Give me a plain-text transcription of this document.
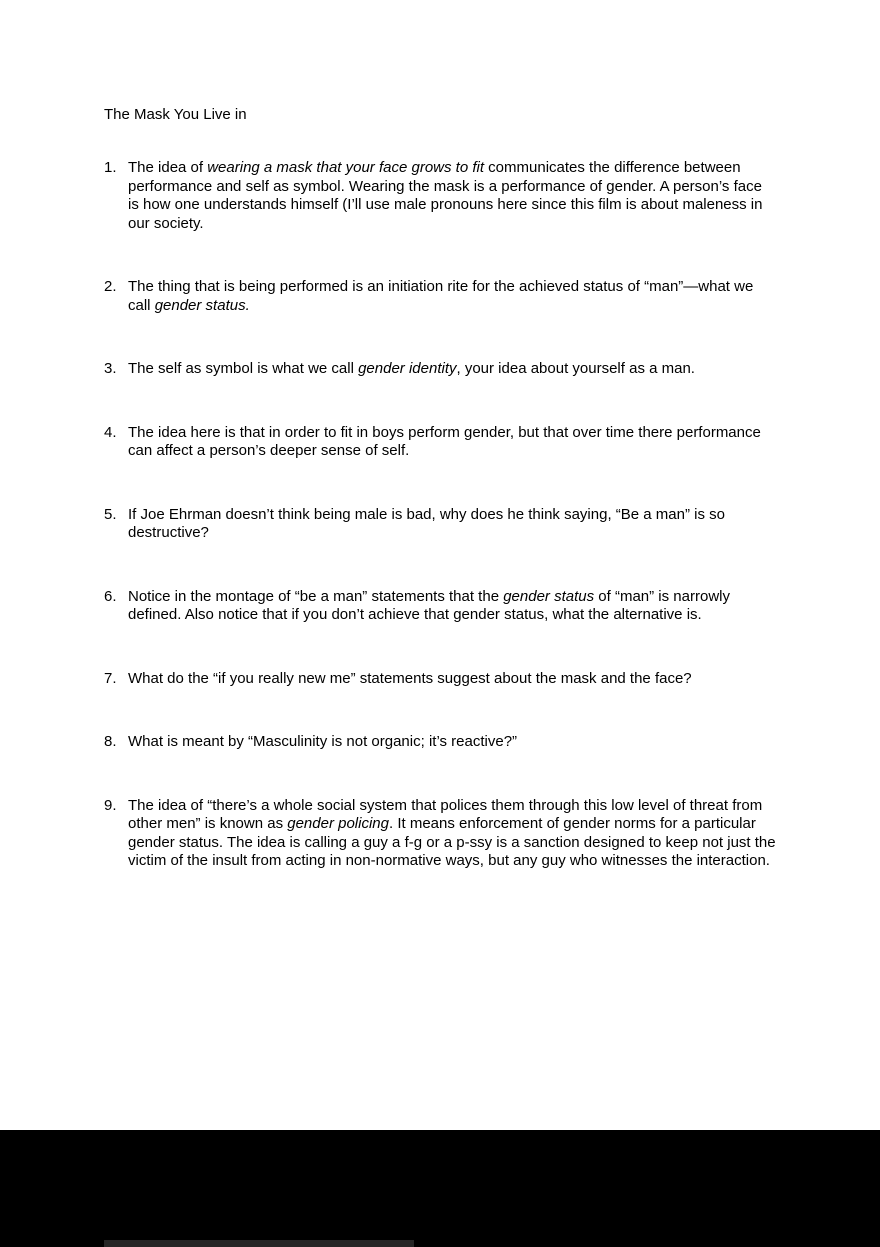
The Mask You Live in
1. The idea of wearing a mask that your face grows to fit communicates the difference between performance and self as symbol. Wearing the mask is a performance of gender. A person’s face is how one understands himself (I’ll use male pronouns here since this film is about maleness in our society.
2. The thing that is being performed is an initiation rite for the achieved status of “man”—what we call gender status.
3. The self as symbol is what we call gender identity, your idea about yourself as a man.
4. The idea here is that in order to fit in boys perform gender, but that over time there performance can affect a person’s deeper sense of self.
5. If Joe Ehrman doesn’t think being male is bad, why does he think saying, “Be a man” is so destructive?
6. Notice in the montage of “be a man” statements that the gender status of “man” is narrowly defined. Also notice that if you don’t achieve that gender status, what the alternative is.
7. What do the “if you really new me” statements suggest about the mask and the face?
8. What is meant by “Masculinity is not organic; it’s reactive?”
9. The idea of “there’s a whole social system that polices them through this low level of threat from other men” is known as gender policing. It means enforcement of gender norms for a particular gender status. The idea is calling a guy a f-g or a p-ssy is a sanction designed to keep not just the victim of the insult from acting in non-normative ways, but any guy who witnesses the interaction.
